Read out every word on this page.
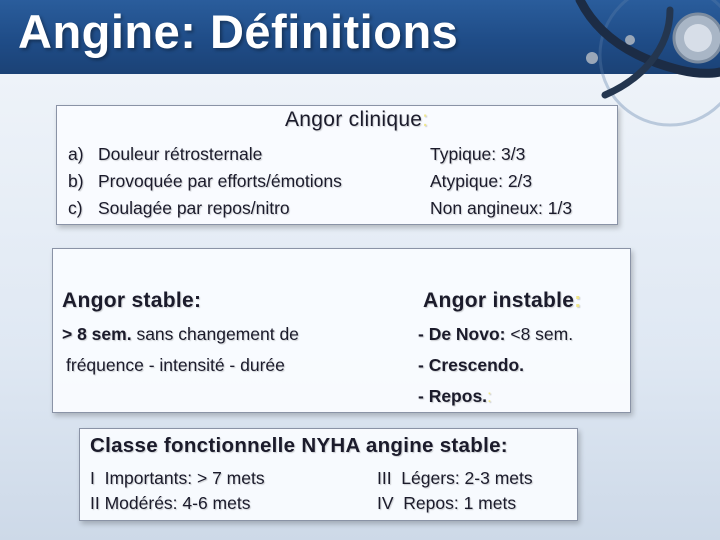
Angine: Définitions
Angor clinique:
a) Douleur rétrosternale
b) Provoquée par efforts/émotions
c) Soulagée par repos/nitro
Typique: 3/3
Atypique: 2/3
Non angineux: 1/3
Angor stable:
> 8 sem. sans changement de
fréquence - intensité - durée
Angor instable:
- De Novo: <8 sem.
- Crescendo.
- Repos.:
Classe fonctionnelle NYHA angine stable:
I  Importants: > 7 mets
II Modérés: 4-6 mets
III  Légers: 2-3 mets
IV  Repos: 1 mets
